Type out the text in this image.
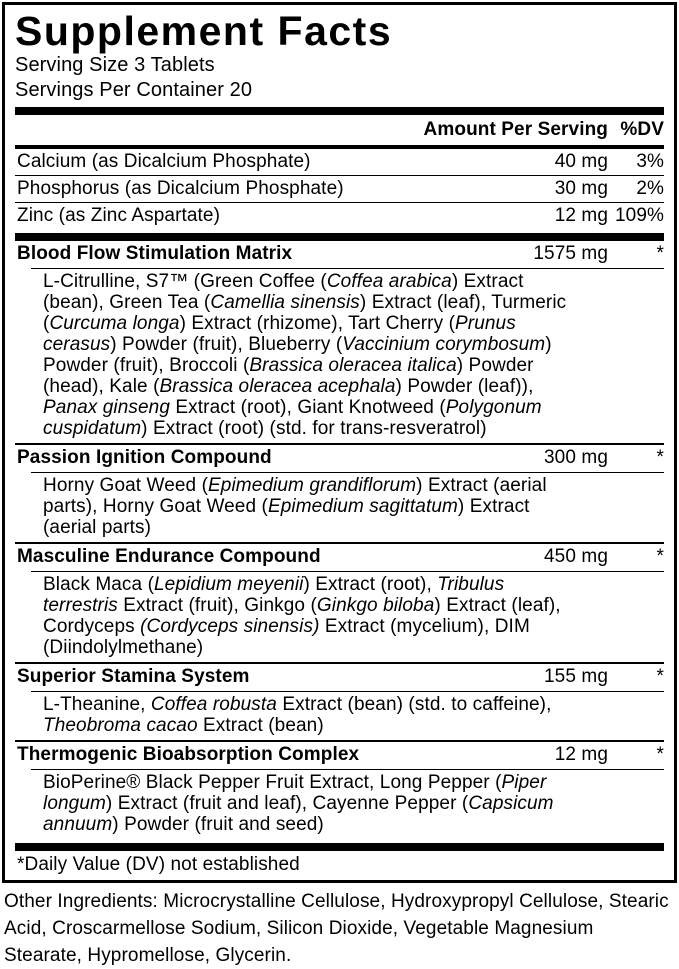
Supplement Facts
Serving Size 3 Tablets
Servings Per Container 20
Amount Per Serving %DV
Calcium (as Dicalcium Phosphate)	40 mg	3%
Phosphorus (as Dicalcium Phosphate)	30 mg	2%
Zinc (as Zinc Aspartate)	12 mg 109%
Blood Flow Stimulation Matrix	1575 mg	*

L-Citrulline, S7™ (Green Coffee (Coffea arabica) Extract (bean), Green Tea (Camellia sinensis) Extract (leaf), Turmeric (Curcuma longa) Extract (rhizome), Tart Cherry (Prunus cerasus) Powder (fruit), Blueberry (Vaccinium corymbosum) Powder (fruit), Broccoli (Brassica oleracea italica) Powder (head), Kale (Brassica oleracea acephala) Powder (leaf)), Panax ginseng Extract (root), Giant Knotweed (Polygonum cuspidatum) Extract (root) (std. for trans-resveratrol)

Passion Ignition Compound	300 mg	*

Horny Goat Weed (Epimedium grandiflorum) Extract (aerial parts), Horny Goat Weed (Epimedium sagittatum) Extract (aerial parts)

Masculine Endurance Compound	450 mg	*

Black Maca (Lepidium meyenii) Extract (root), Tribulus terrestris Extract (fruit), Ginkgo (Ginkgo biloba) Extract (leaf), Cordyceps (Cordyceps sinensis) Extract (mycelium), DIM (Diindolylmethane)

Superior Stamina System	155 mg	*

L-Theanine, Coffea robusta Extract (bean) (std. to caffeine), Theobroma cacao Extract (bean)

Thermogenic Bioabsorption Complex	12 mg	*

BioPerine® Black Pepper Fruit Extract, Long Pepper (Piper longum) Extract (fruit and leaf), Cayenne Pepper (Capsicum annuum) Powder (fruit and seed)

*Daily Value (DV) not established

Other Ingredients: Microcrystalline Cellulose, Hydroxypropyl Cellulose, Stearic Acid, Croscarmellose Sodium, Silicon Dioxide, Vegetable Magnesium Stearate, Hypromellose, Glycerin.
